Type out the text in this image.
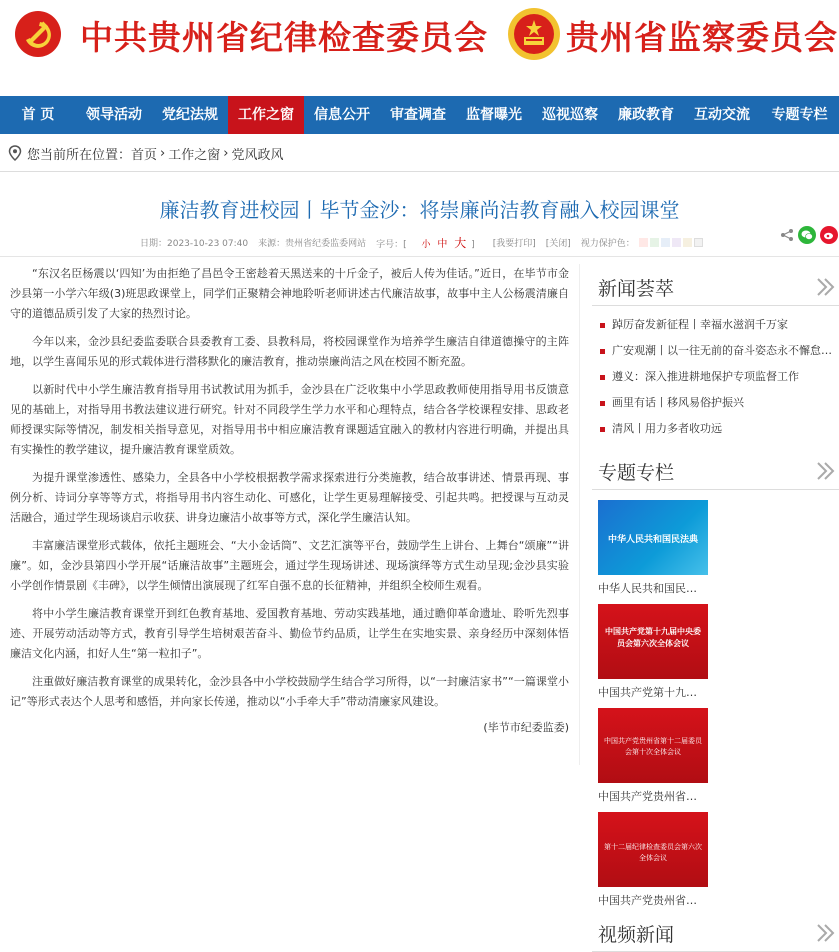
中共贵州省纪律检查委员会 贵州省监察委员会
首 页	领导活动	党纪法规	工作之窗	信息公开	审查调查	监督曝光	巡视巡察	廉政教育	互动交流	专题专栏
您当前所在位置： 首页 › 工作之窗 › 党风政风
廉洁教育进校园丨毕节金沙：将崇廉尚洁教育融入校园课堂
日期：2023-10-23 07:40 来源：贵州省纪委监委网站 字号：[ 小 中 大 ]	[我要打印] [关闭] 视力保护色：

“东汉名臣杨震以‘四知’为由拒绝了昌邑令王密趁着天黑送来的十斤金子，被后人传为佳话。”近日，在毕节市金沙县第一小学六年级(3)班思政课堂上，同学们正聚精会神地聆听老师讲述古代廉洁故事，故事中主人公杨震清廉自守的道德品质引发了大家的热烈讨论。

今年以来，金沙县纪委监委联合县委教育工委、县教科局，将校园课堂作为培养学生廉洁自律道德操守的主阵地，以学生喜闻乐见的形式载体进行潜移默化的廉洁教育，推动崇廉尚洁之风在校园不断充盈。

以新时代中小学生廉洁教育指导用书试教试用为抓手，金沙县在广泛收集中小学思政教师使用指导用书反馈意见的基础上，对指导用书教法建议进行研究。针对不同段学生学力水平和心理特点，结合各学校课程安排、思政老师授课实际等情况，制发相关指导意见，对指导用书中相应廉洁教育课题适宜融入的教材内容进行明确，并提出具有实操性的教学建议，提升廉洁教育课堂质效。

为提升课堂渗透性、感染力，全县各中小学校根据教学需求探索进行分类施教，结合故事讲述、情景再现、事例分析、诗词分享等等方式，将指导用书内容生动化、可感化，让学生更易理解接受、引起共鸣。把授课与互动灵活融合，通过学生现场谈启示收获、讲身边廉洁小故事等方式，深化学生廉洁认知。

丰富廉洁课堂形式载体，依托主题班会、“大小金话筒”、文艺汇演等平台，鼓励学生上讲台、上舞台“颂廉”“讲廉”。如，金沙县第四小学开展“话廉洁故事”主题班会，通过学生现场讲述、现场演绎等方式生动呈现;金沙县实验小学创作情景剧《丰碑》，以学生倾情出演展现了红军自强不息的长征精神，并组织全校师生观看。

将中小学生廉洁教育课堂开到红色教育基地、爱国教育基地、劳动实践基地，通过瞻仰革命遗址、聆听先烈事迹、开展劳动活动等方式，教育引导学生培树艰苦奋斗、勤俭节约品质，让学生在实地实景、亲身经历中深刻体悟廉洁文化内涵，扣好人生“第一粒扣子”。

注重做好廉洁教育课堂的成果转化，金沙县各中小学校鼓励学生结合学习所得，以“一封廉洁家书”“一篇课堂小记”等形式表达个人思考和感悟，并向家长传递，推动以“小手牵大手”带动清廉家风建设。

(毕节市纪委监委)

新闻荟萃
踔厉奋发新征程丨幸福水滋润千万家
广安观潮丨以一往无前的奋斗姿态永不懈怠…
遵义：深入推进耕地保护专项监督工作
画里有话丨移风易俗护振兴
清风丨用力多者收功远
专题专栏
中华人民共和国民法典
中华人民共和国民…
中国共产党第十九届中央委员会第六次全体会议
中国共产党第十九…
中国共产党贵州省第十二届委员会第十次全体会议
中国共产党贵州省…
第十二届纪律检查委员会第六次全体会议
中国共产党贵州省…
视频新闻
